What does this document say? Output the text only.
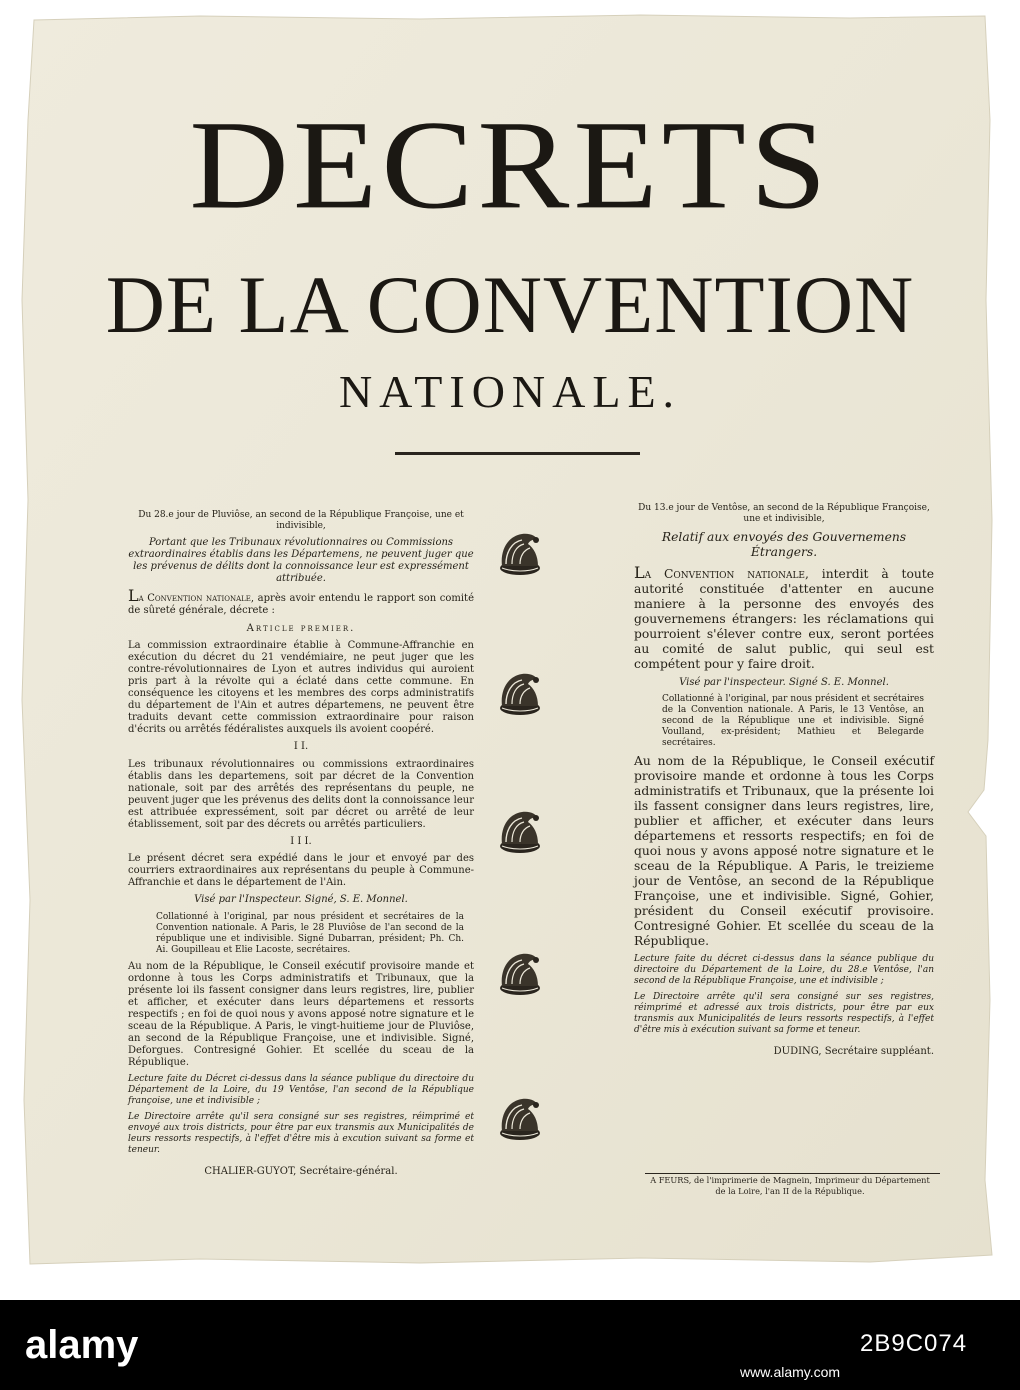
DECRETS
DE LA CONVENTION
NATIONALE.

Du 28.e jour de Pluviôse, an second de la République Françoise, une et indivisible,

Portant que les Tribunaux révolutionnaires ou Commissions extraordinaires établis dans les Départemens, ne peuvent juger que les prévenus de délits dont la connoissance leur est expressément attribuée.

La Convention nationale, après avoir entendu le rapport son comité de sûreté générale, décrete :

Article premier.

La commission extraordinaire établie à Commune-Affranchie en exécution du décret du 21 vendémiaire, ne peut juger que les contre-révolutionnaires de Lyon et autres individus qui auroient pris part à la révolte qui a éclaté dans cette commune. En conséquence les citoyens et les membres des corps administratifs du département de l'Ain et autres départemens, ne peuvent être traduits devant cette commission extraordinaire pour raison d'écrits ou arrêtés fédéralistes auxquels ils avoient coopéré.

I I.

Les tribunaux révolutionnaires ou commissions extraordinaires établis dans les departemens, soit par décret de la Convention nationale, soit par des arrêtés des représentans du peuple, ne peuvent juger que les prévenus des delits dont la connoissance leur est attribuée expressément, soit par décret ou arrêté de leur établissement, soit par des décrets ou arrêtés particuliers.

I I I.

Le présent décret sera expédié dans le jour et envoyé par des courriers extraordinaires aux représentans du peuple à Commune-Affranchie et dans le département de l'Ain.

Visé par l'Inspecteur. Signé, S. E. Monnel.

Collationné à l'original, par nous président et secrétaires de la Convention nationale. A Paris, le 28 Pluviôse de l'an second de la république une et indivisible. Signé Dubarran, président; Ph. Ch. Ai. Goupilleau et Elie Lacoste, secrétaires.

Au nom de la République, le Conseil exécutif provisoire mande et ordonne à tous les Corps administratifs et Tribunaux, que la présente loi ils fassent consigner dans leurs registres, lire, publier et afficher, et exécuter dans leurs départemens et ressorts respectifs ; en foi de quoi nous y avons apposé notre signature et le sceau de la République. A Paris, le vingt-huitieme jour de Pluviôse, an second de la République Françoise, une et indivisible. Signé, Deforgues. Contresigné Gohier. Et scellée du sceau de la République.

Lecture faite du Décret ci-dessus dans la séance publique du directoire du Département de la Loire, du 19 Ventôse, l'an second de la République françoise, une et indivisible ;

Le Directoire arrête qu'il sera consigné sur ses registres, réimprimé et envoyé aux trois districts, pour être par eux transmis aux Municipalités de leurs ressorts respectifs, à l'effet d'être mis à excution suivant sa forme et teneur.

CHALIER-GUYOT, Secrétaire-général.

Du 13.e jour de Ventôse, an second de la République Françoise, une et indivisible,

Relatif aux envoyés des Gouvernemens Étrangers.

La Convention nationale, interdit à toute autorité constituée d'attenter en aucune maniere à la personne des envoyés des gouvernemens étrangers: les réclamations qui pourroient s'élever contre eux, seront portées au comité de salut public, qui seul est compétent pour y faire droit.

Visé par l'inspecteur. Signé S. E. Monnel.

Collationné à l'original, par nous président et secrétaires de la Convention nationale. A Paris, le 13 Ventôse, an second de la République une et indivisible. Signé Voulland, ex-président; Mathieu et Belegarde secrétaires.

Au nom de la République, le Conseil exécutif provisoire mande et ordonne à tous les Corps administratifs et Tribunaux, que la présente loi ils fassent consigner dans leurs registres, lire, publier et afficher, et exécuter dans leurs départemens et ressorts respectifs; en foi de quoi nous y avons apposé notre signature et le sceau de la République. A Paris, le treizieme jour de Ventôse, an second de la République Françoise, une et indivisible. Signé, Gohier, président du Conseil exécutif provisoire. Contresigné Gohier. Et scellée du sceau de la République.

Lecture faite du décret ci-dessus dans la séance publique du directoire du Département de la Loire, du 28.e Ventôse, l'an second de la République Françoise, une et indivisible ;

Le Directoire arrête qu'il sera consigné sur ses registres, réimprimé et adressé aux trois districts, pour être par eux transmis aux Municipalités de leurs ressorts respectifs, à l'effet d'être mis à exécution suivant sa forme et teneur.

DUDING, Secrétaire suppléant.

A FEURS, de l'imprimerie de Magnein, Imprimeur du Département
de la Loire, l'an II de la République.
alamy	2B9C074
www.alamy.com
